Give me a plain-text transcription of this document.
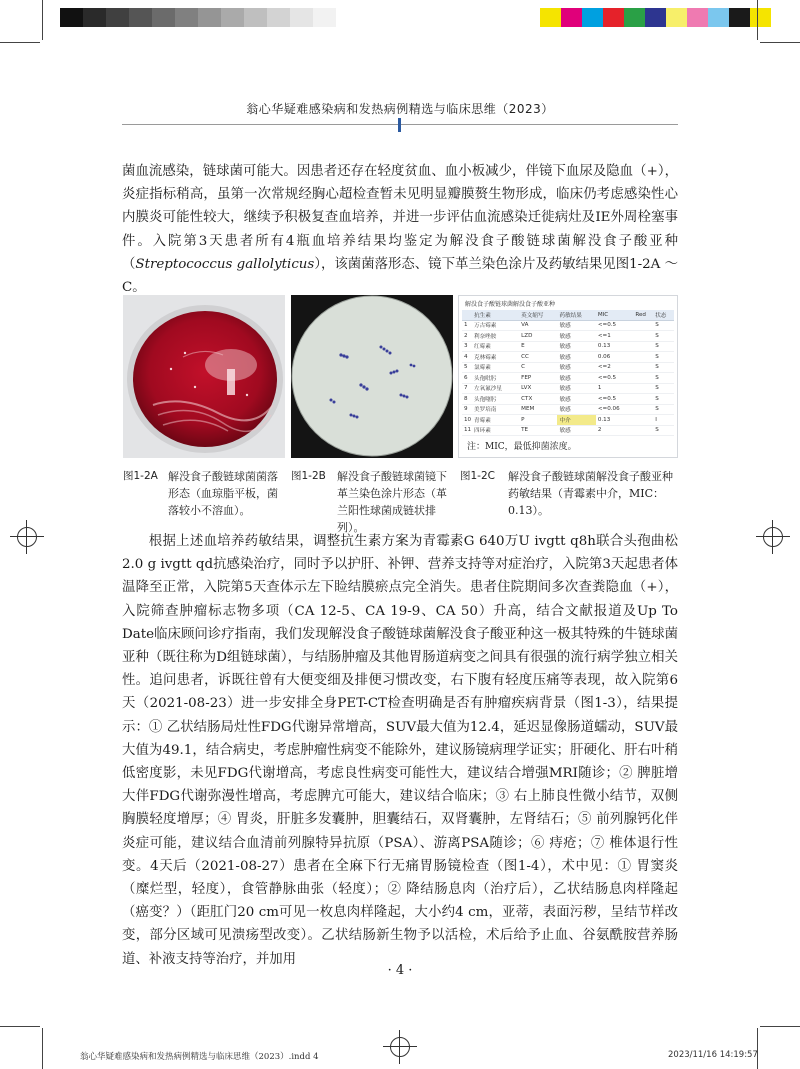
翁心华疑难感染病和发热病例精选与临床思维（2023）
菌血流感染，链球菌可能大。因患者还存在轻度贫血、血小板减少，伴镜下血尿及隐血（+），炎症指标稍高，虽第一次常规经胸心超检查暂未见明显瓣膜赘生物形成，临床仍考虑感染性心内膜炎可能性较大，继续予积极复查血培养，并进一步评估血流感染迁徙病灶及IE外周栓塞事件。入院第3天患者所有4瓶血培养结果均鉴定为解没食子酸链球菌解没食子酸亚种（Streptococcus gallolyticus），该菌菌落形态、镜下革兰染色涂片及药敏结果见图1-2A ～ C。
解没食子酸链球菌解没食子酸亚种
	抗生素	英文缩写	药敏结果	MIC	Red	状态
1	万古霉素	VA	敏感	<=0.5		S
2	利奈唑胺	LZD	敏感	<=1		S
3	红霉素	E	敏感	0.13		S
4	克林霉素	CC	敏感	0.06		S
5	氯霉素	C	敏感	<=2		S
6	头孢吡肟	FEP	敏感	<=0.5		S
7	左氧氟沙星	LVX	敏感	1		S
8	头孢噻肟	CTX	敏感	<=0.5		S
9	美罗培南	MEM	敏感	<=0.06		S
10	青霉素	P	中介	0.13		I
11	四环素	TE	敏感	2		S
注：MIC，最低抑菌浓度。
图1-2A 解没食子酸链球菌菌落形态（血琼脂平板，菌落较小不溶血）。
图1-2B 解没食子酸链球菌镜下革兰染色涂片形态（革兰阳性球菌成链状排列）。
图1-2C 解没食子酸链球菌解没食子酸亚种药敏结果（青霉素中介，MIC：0.13）。
根据上述血培养药敏结果，调整抗生素方案为青霉素G 640万U ivgtt q8h联合头孢曲松2.0 g ivgtt qd抗感染治疗，同时予以护肝、补钾、营养支持等对症治疗，入院第3天起患者体温降至正常，入院第5天查体示左下睑结膜瘀点完全消失。患者住院期间多次查粪隐血（+），入院筛查肿瘤标志物多项（CA 12-5、CA 19-9、CA 50）升高，结合文献报道及Up To Date临床顾问诊疗指南，我们发现解没食子酸链球菌解没食子酸亚种这一极其特殊的牛链球菌亚种（既往称为D组链球菌），与结肠肿瘤及其他胃肠道病变之间具有很强的流行病学独立相关性。追问患者，诉既往曾有大便变细及排便习惯改变，右下腹有轻度压痛等表现，故入院第6天（2021-08-23）进一步安排全身PET-CT检查明确是否有肿瘤疾病背景（图1-3），结果提示：① 乙状结肠局灶性FDG代谢异常增高，SUV最大值为12.4，延迟显像肠道蠕动，SUV最大值为49.1，结合病史，考虑肿瘤性病变不能除外，建议肠镜病理学证实；肝硬化、肝右叶稍低密度影，未见FDG代谢增高，考虑良性病变可能性大，建议结合增强MRI随诊；② 脾脏增大伴FDG代谢弥漫性增高，考虑脾亢可能大，建议结合临床；③ 右上肺良性微小结节，双侧胸膜轻度增厚；④ 胃炎，肝脏多发囊肿，胆囊结石，双肾囊肿，左肾结石；⑤ 前列腺钙化伴炎症可能，建议结合血清前列腺特异抗原（PSA）、游离PSA随诊；⑥ 痔疮；⑦ 椎体退行性变。4天后（2021-08-27）患者在全麻下行无痛胃肠镜检查（图1-4），术中见：① 胃窦炎（糜烂型，轻度），食管静脉曲张（轻度）；② 降结肠息肉（治疗后），乙状结肠息肉样隆起（癌变？）（距肛门20 cm可见一枚息肉样隆起，大小约4 cm，亚蒂，表面污秽，呈结节样改变，部分区域可见溃疡型改变）。乙状结肠新生物予以活检，术后给予止血、谷氨酰胺营养肠道、补液支持等治疗，并加用
· 4 ·
翁心华疑难感染病和发热病例精选与临床思维（2023）.indd 4	2023/11/16 14:19:57
